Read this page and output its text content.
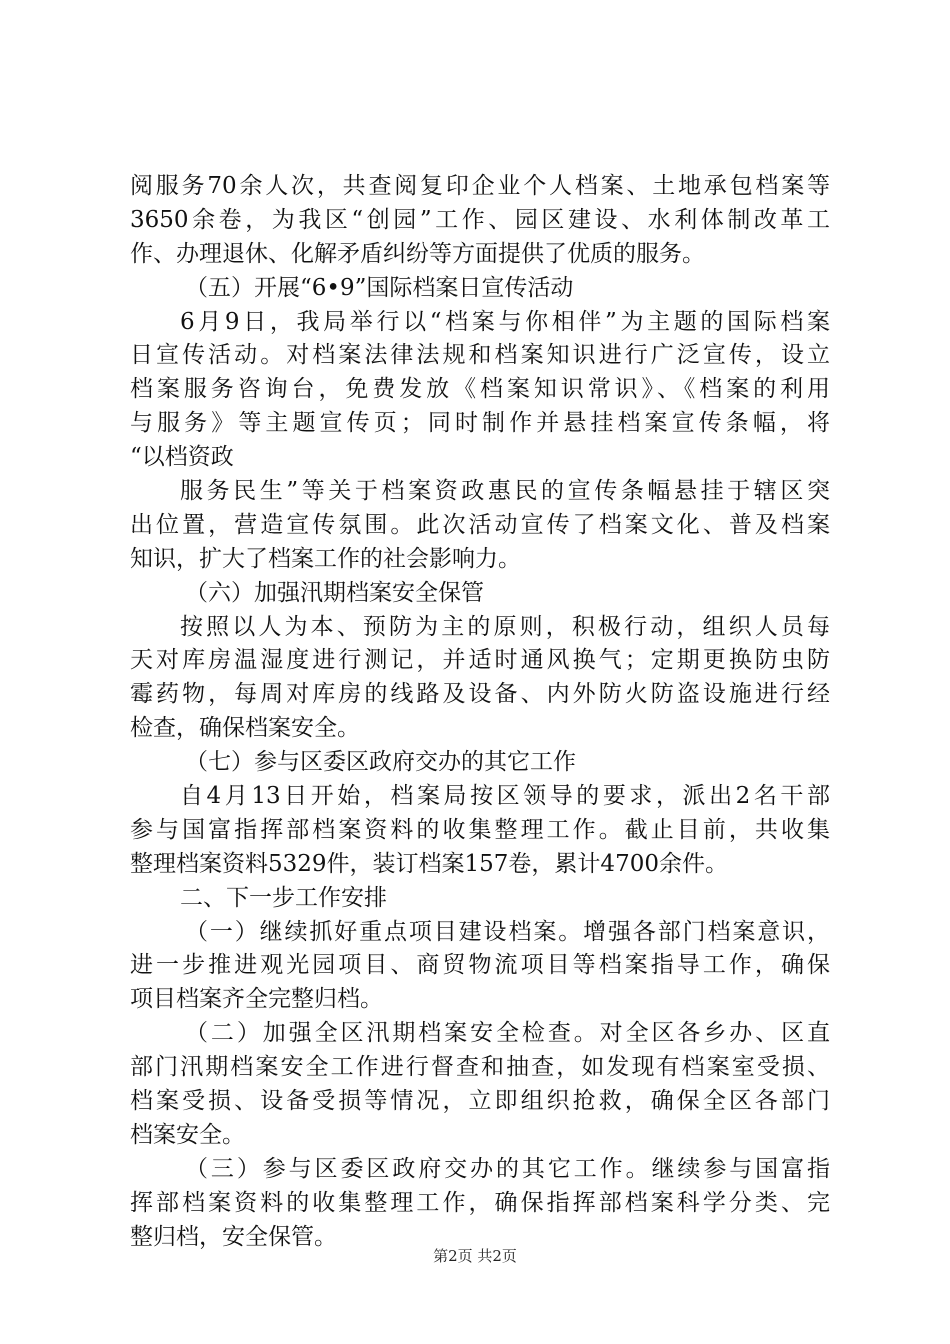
阅服务70余人次，共查阅复印企业个人档案、土地承包档案等
3650余卷，为我区“创园”工作、园区建设、水利体制改革工
作、办理退休、化解矛盾纠纷等方面提供了优质的服务。
（五）开展“6•9”国际档案日宣传活动
6月9日，我局举行以“档案与你相伴”为主题的国际档案
日宣传活动。对档案法律法规和档案知识进行广泛宣传，设立
档案服务咨询台，免费发放《档案知识常识》、《档案的利用
与服务》等主题宣传页；同时制作并悬挂档案宣传条幅，将
“以档资政
服务民生”等关于档案资政惠民的宣传条幅悬挂于辖区突
出位置，营造宣传氛围。此次活动宣传了档案文化、普及档案
知识，扩大了档案工作的社会影响力。
（六）加强汛期档案安全保管
按照以人为本、预防为主的原则，积极行动，组织人员每
天对库房温湿度进行测记，并适时通风换气；定期更换防虫防
霉药物，每周对库房的线路及设备、内外防火防盗设施进行经
检查，确保档案安全。
（七）参与区委区政府交办的其它工作
自4月13日开始，档案局按区领导的要求，派出2名干部
参与国富指挥部档案资料的收集整理工作。截止目前，共收集
整理档案资料5329件，装订档案157卷，累计4700余件。
二、下一步工作安排
（一）继续抓好重点项目建设档案。增强各部门档案意识，
进一步推进观光园项目、商贸物流项目等档案指导工作，确保
项目档案齐全完整归档。
（二）加强全区汛期档案安全检查。对全区各乡办、区直
部门汛期档案安全工作进行督查和抽查，如发现有档案室受损、
档案受损、设备受损等情况，立即组织抢救，确保全区各部门
档案安全。
（三）参与区委区政府交办的其它工作。继续参与国富指
挥部档案资料的收集整理工作，确保指挥部档案科学分类、完
整归档，安全保管。
第2页 共2页
